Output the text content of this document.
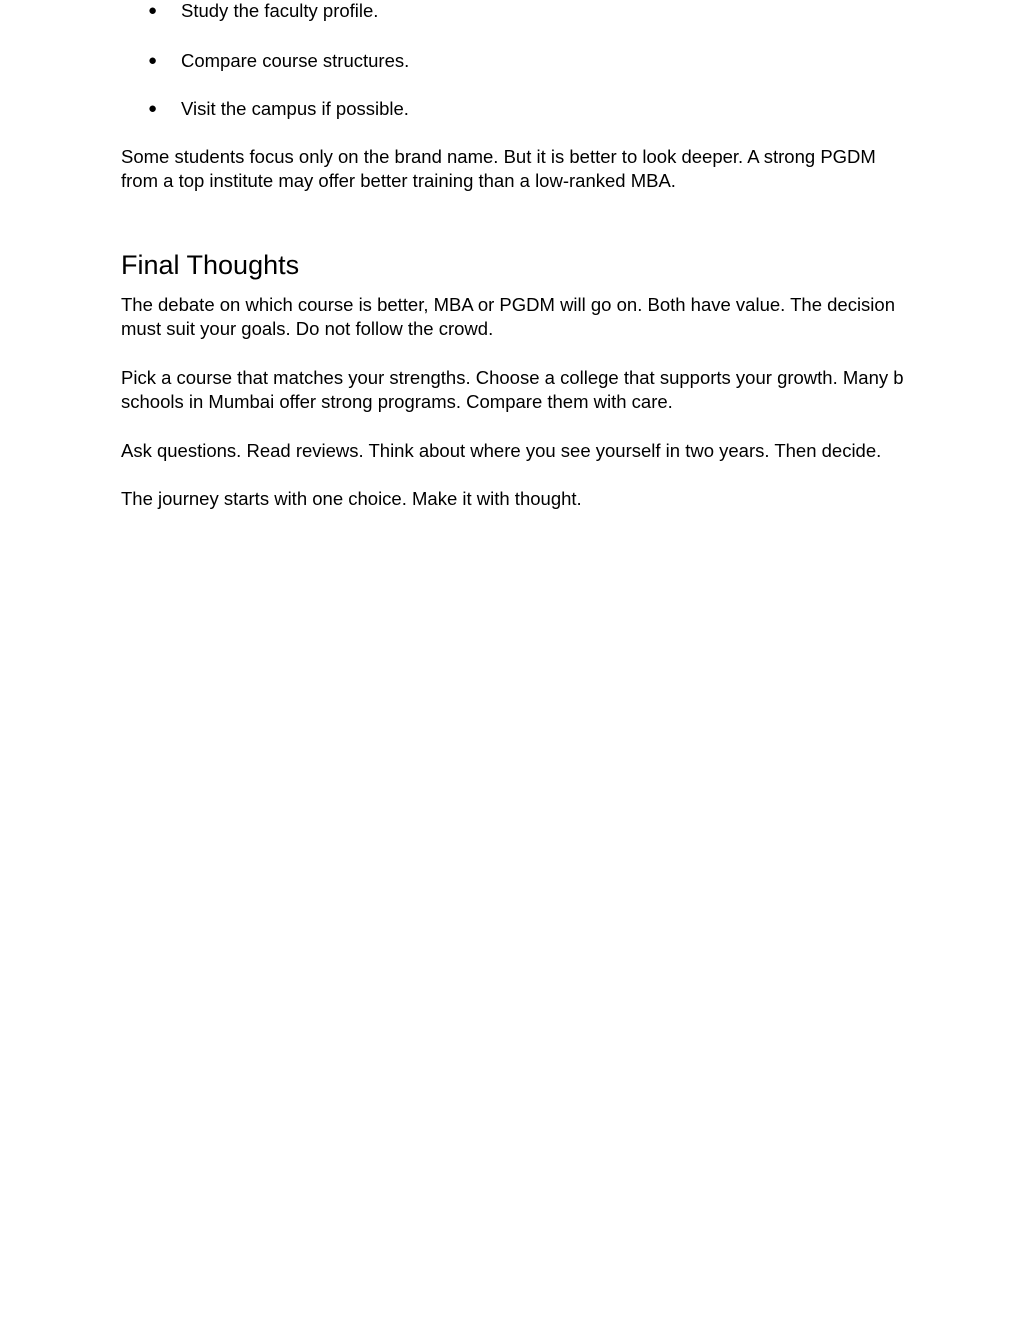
●	Study the faculty profile.
●	Compare course structures.
●	Visit the campus if possible.

Some students focus only on the brand name. But it is better to look deeper. A strong PGDM
from a top institute may offer better training than a low-ranked MBA.

Final Thoughts

The debate on which course is better, MBA or PGDM will go on. Both have value. The decision
must suit your goals. Do not follow the crowd.

Pick a course that matches your strengths. Choose a college that supports your growth. Many b
schools in Mumbai offer strong programs. Compare them with care.

Ask questions. Read reviews. Think about where you see yourself in two years. Then decide.

The journey starts with one choice. Make it with thought.
